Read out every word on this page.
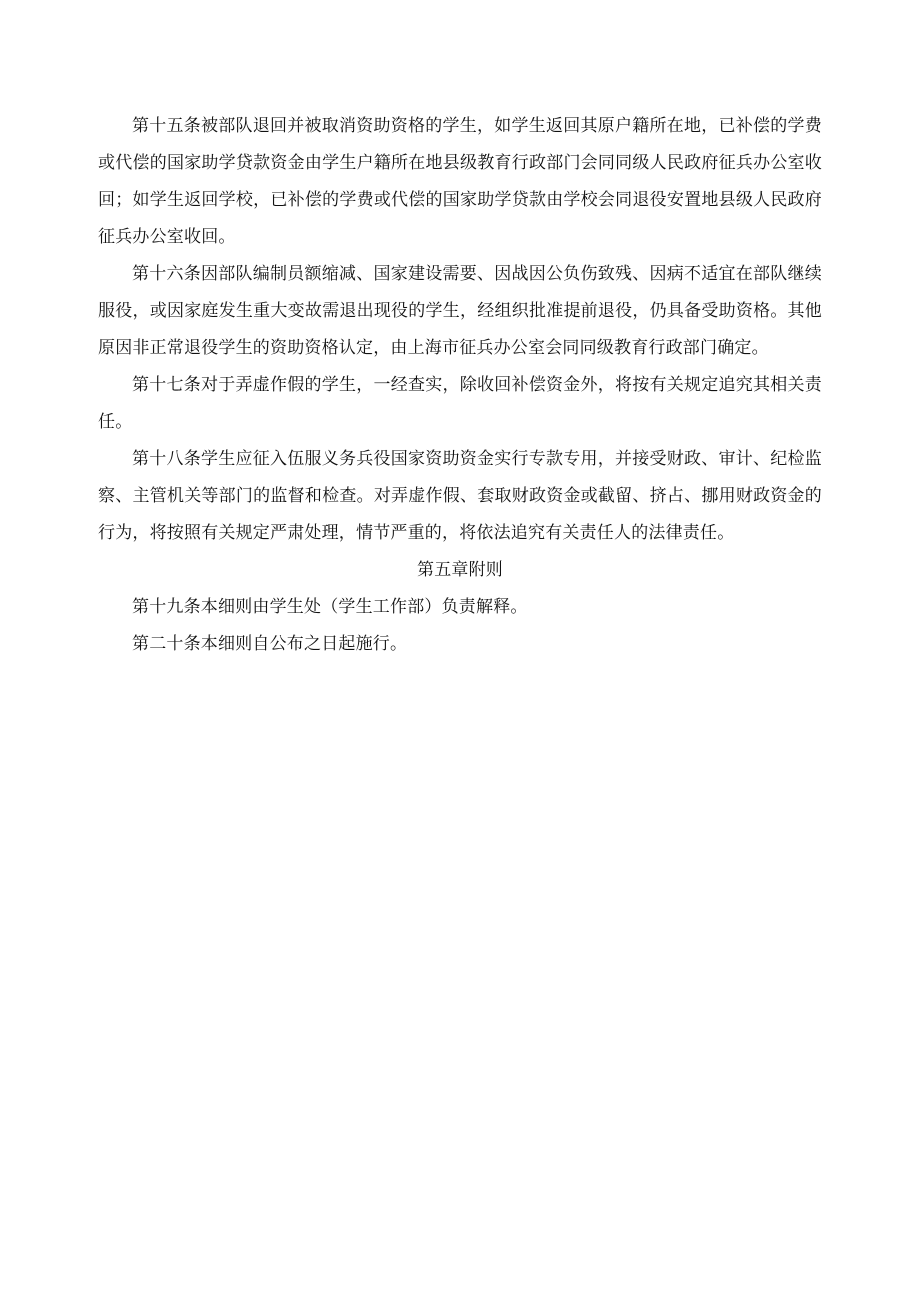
第十五条被部队退回并被取消资助资格的学生，如学生返回其原户籍所在地，已补偿的学费或代偿的国家助学贷款资金由学生户籍所在地县级教育行政部门会同同级人民政府征兵办公室收回；如学生返回学校，已补偿的学费或代偿的国家助学贷款由学校会同退役安置地县级人民政府征兵办公室收回。

第十六条因部队编制员额缩减、国家建设需要、因战因公负伤致残、因病不适宜在部队继续服役，或因家庭发生重大变故需退出现役的学生，经组织批准提前退役，仍具备受助资格。其他原因非正常退役学生的资助资格认定，由上海市征兵办公室会同同级教育行政部门确定。

第十七条对于弄虚作假的学生，一经查实，除收回补偿资金外，将按有关规定追究其相关责任。

第十八条学生应征入伍服义务兵役国家资助资金实行专款专用，并接受财政、审计、纪检监察、主管机关等部门的监督和检查。对弄虚作假、套取财政资金或截留、挤占、挪用财政资金的行为，将按照有关规定严肃处理，情节严重的，将依法追究有关责任人的法律责任。

第五章附则

第十九条本细则由学生处（学生工作部）负责解释。

第二十条本细则自公布之日起施行。
